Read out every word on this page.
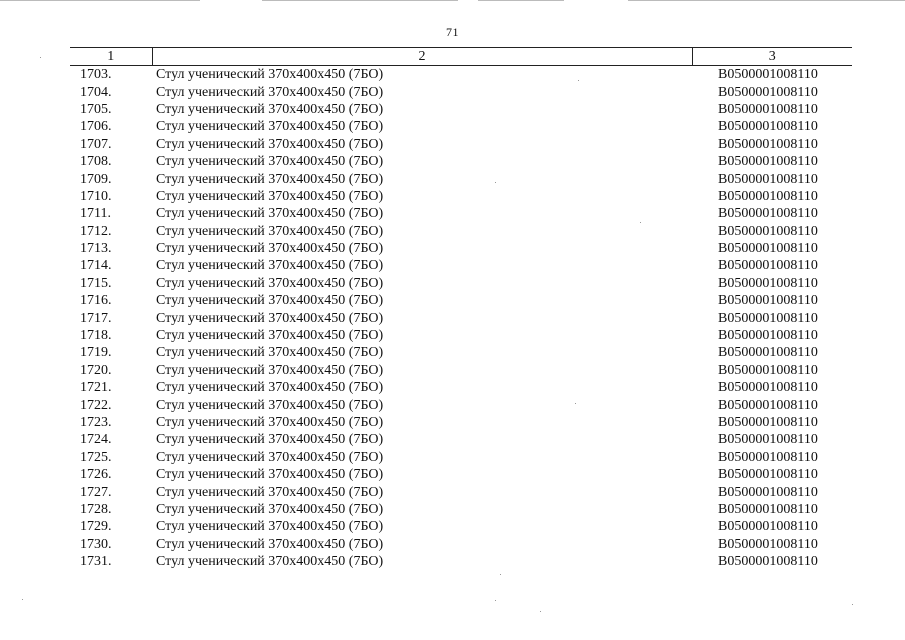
71
1	2	3
1703.	Стул ученический 370х400х450 (7БО)	В0500001008110
1704.	Стул ученический 370х400х450 (7БО)	В0500001008110
1705.	Стул ученический 370х400х450 (7БО)	В0500001008110
1706.	Стул ученический 370х400х450 (7БО)	В0500001008110
1707.	Стул ученический 370х400х450 (7БО)	В0500001008110
1708.	Стул ученический 370х400х450 (7БО)	В0500001008110
1709.	Стул ученический 370х400х450 (7БО)	В0500001008110
1710.	Стул ученический 370х400х450 (7БО)	В0500001008110
1711.	Стул ученический 370х400х450 (7БО)	В0500001008110
1712.	Стул ученический 370х400х450 (7БО)	В0500001008110
1713.	Стул ученический 370х400х450 (7БО)	В0500001008110
1714.	Стул ученический 370х400х450 (7БО)	В0500001008110
1715.	Стул ученический 370х400х450 (7БО)	В0500001008110
1716.	Стул ученический 370х400х450 (7БО)	В0500001008110
1717.	Стул ученический 370х400х450 (7БО)	В0500001008110
1718.	Стул ученический 370х400х450 (7БО)	В0500001008110
1719.	Стул ученический 370х400х450 (7БО)	В0500001008110
1720.	Стул ученический 370х400х450 (7БО)	В0500001008110
1721.	Стул ученический 370х400х450 (7БО)	В0500001008110
1722.	Стул ученический 370х400х450 (7БО)	В0500001008110
1723.	Стул ученический 370х400х450 (7БО)	В0500001008110
1724.	Стул ученический 370х400х450 (7БО)	В0500001008110
1725.	Стул ученический 370х400х450 (7БО)	В0500001008110
1726.	Стул ученический 370х400х450 (7БО)	В0500001008110
1727.	Стул ученический 370х400х450 (7БО)	В0500001008110
1728.	Стул ученический 370х400х450 (7БО)	В0500001008110
1729.	Стул ученический 370х400х450 (7БО)	В0500001008110
1730.	Стул ученический 370х400х450 (7БО)	В0500001008110
1731.	Стул ученический 370х400х450 (7БО)	В0500001008110
